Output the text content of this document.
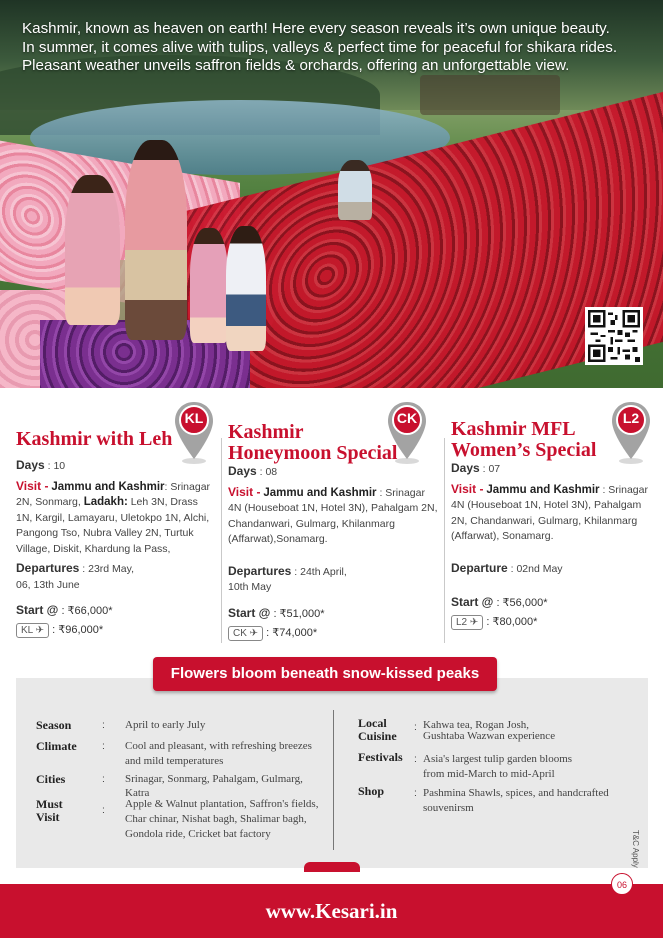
Kashmir, known as heaven on earth! Here every season reveals it’s own unique beauty.
In summer, it comes alive with tulips, valleys & perfect time for peaceful for shikara rides.
Pleasant weather unveils saffron fields & orchards, offering an unforgettable view.
KL	CK	L2
Kashmir with Leh
Days : 10
Visit - Jammu and Kashmir: Srinagar 2N, Sonmarg, Ladakh: Leh 3N, Drass 1N, Kargil, Lamayaru, Uletokpo 1N, Alchi, Pangong Tso, Nubra Valley 2N, Turtuk Village, Diskit, Khardung la Pass,
Departures : 23rd May,
06, 13th June
Start @ : ₹66,000*
KL ✈ : ₹96,000*
Kashmir
Honeymoon Special
Days : 08
Visit - Jammu and Kashmir : Srinagar 4N (Houseboat 1N, Hotel 3N), Pahalgam 2N, Chandanwari, Gulmarg, Khilanmarg (Affarwat),Sonamarg.
Departures : 24th April,
10th May
Start @ : ₹51,000*
CK ✈ : ₹74,000*
Kashmir MFL
Women’s Special
Days : 07
Visit - Jammu and Kashmir : Srinagar 4N (Houseboat 1N, Hotel 3N), Pahalgam 2N, Chandanwari, Gulmarg, Khilanmarg (Affarwat), Sonamarg.
Departure : 02nd May
Start @ : ₹56,000*
L2 ✈ : ₹80,000*
Flowers bloom beneath snow-kissed peaks
Season	: April to early July
Climate : Cool and pleasant, with refreshing breezes
and mild temperatures
Cities	: Srinagar, Sonmarg, Pahalgam, Gulmarg, Katra
Must
Visit	: Apple & Walnut plantation, Saffron's fields,
Char chinar, Nishat bagh, Shalimar bagh,
Gondola ride, Cricket bat factory
Local
Cuisine
: Kahwa tea, Rogan Josh,
Gushtaba Wazwan experience
Festivals : Asia's largest tulip garden blooms
from mid-March to mid-April
Shop	: Pashmina Shawls, spices, and handcrafted
souvenirsm
T&C Apply
www.Kesari.in
06
